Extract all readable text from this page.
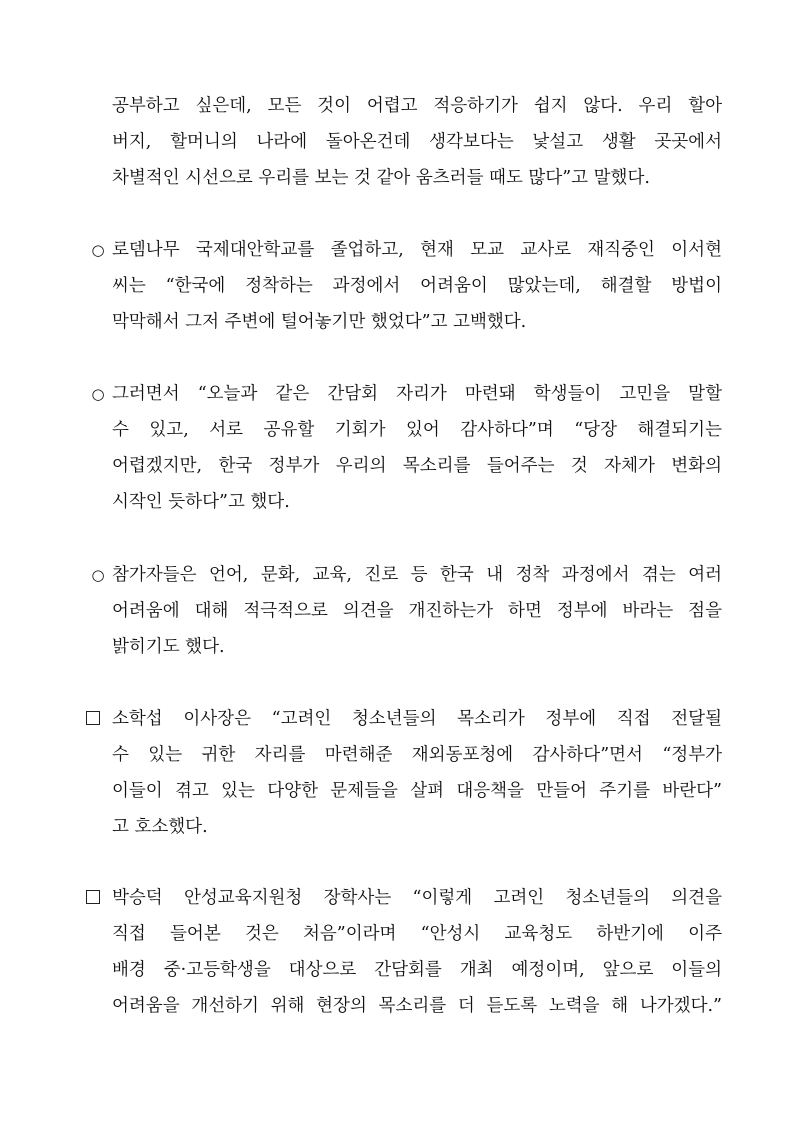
공부하고 싶은데, 모든 것이 어렵고 적응하기가 쉽지 않다. 우리 할아
버지, 할머니의 나라에 돌아온건데 생각보다는 낯설고 생활 곳곳에서
차별적인 시선으로 우리를 보는 것 같아 움츠러들 때도 많다”고 말했다.
○ 로뎀나무 국제대안학교를 졸업하고, 현재 모교 교사로 재직중인 이서현
씨는 “한국에 정착하는 과정에서 어려움이 많았는데, 해결할 방법이
막막해서 그저 주변에 털어놓기만 했었다”고 고백했다.
○ 그러면서 “오늘과 같은 간담회 자리가 마련돼 학생들이 고민을 말할
수 있고, 서로 공유할 기회가 있어 감사하다”며 “당장 해결되기는
어렵겠지만, 한국 정부가 우리의 목소리를 들어주는 것 자체가 변화의
시작인 듯하다”고 했다.
○ 참가자들은 언어, 문화, 교육, 진로 등 한국 내 정착 과정에서 겪는 여러
어려움에 대해 적극적으로 의견을 개진하는가 하면 정부에 바라는 점을
밝히기도 했다.
소학섭 이사장은 “고려인 청소년들의 목소리가 정부에 직접 전달될
수 있는 귀한 자리를 마련해준 재외동포청에 감사하다”면서 “정부가
이들이 겪고 있는 다양한 문제들을 살펴 대응책을 만들어 주기를 바란다”
고 호소했다.
박승덕 안성교육지원청 장학사는 “이렇게 고려인 청소년들의 의견을
직접 들어본 것은 처음”이라며 “안성시 교육청도 하반기에 이주
배경 중·고등학생을 대상으로 간담회를 개최 예정이며, 앞으로 이들의
어려움을 개선하기 위해 현장의 목소리를 더 듣도록 노력을 해 나가겠다.”
